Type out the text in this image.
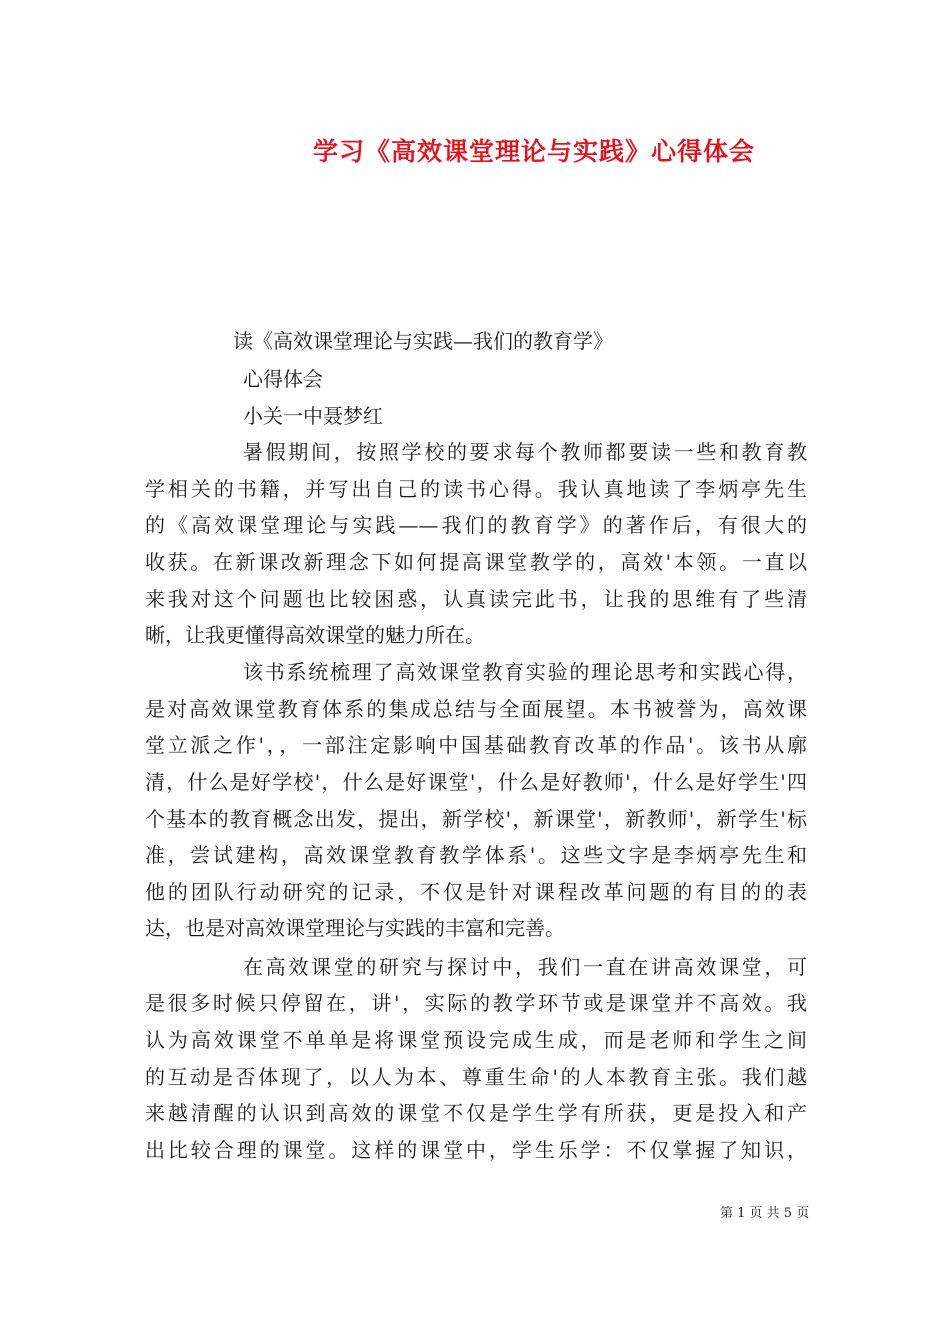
学习《高效课堂理论与实践》心得体会

读《高效课堂理论与实践—我们的教育学》

心得体会

小关一中聂梦红

暑假期间，按照学校的要求每个教师都要读一些和教育教

学相关的书籍，并写出自己的读书心得。我认真地读了李炳亭先生

的《高效课堂理论与实践——我们的教育学》的著作后，有很大的

收获。在新课改新理念下如何提高课堂教学的，高效'本领。一直以

来我对这个问题也比较困惑，认真读完此书，让我的思维有了些清

晰，让我更懂得高效课堂的魅力所在。

该书系统梳理了高效课堂教育实验的理论思考和实践心得，

是对高效课堂教育体系的集成总结与全面展望。本书被誉为，高效课

堂立派之作'，，一部注定影响中国基础教育改革的作品'。该书从廓

清，什么是好学校'，什么是好课堂'，什么是好教师'，什么是好学生'四

个基本的教育概念出发，提出，新学校'，新课堂'，新教师'，新学生'标

准，尝试建构，高效课堂教育教学体系'。这些文字是李炳亭先生和

他的团队行动研究的记录，不仅是针对课程改革问题的有目的的表

达，也是对高效课堂理论与实践的丰富和完善。

在高效课堂的研究与探讨中，我们一直在讲高效课堂，可

是很多时候只停留在，讲'，实际的教学环节或是课堂并不高效。我

认为高效课堂不单单是将课堂预设完成生成，而是老师和学生之间

的互动是否体现了，以人为本、尊重生命'的人本教育主张。我们越

来越清醒的认识到高效的课堂不仅是学生学有所获，更是投入和产

出比较合理的课堂。这样的课堂中，学生乐学：不仅掌握了知识，

第 1 页 共 5 页
